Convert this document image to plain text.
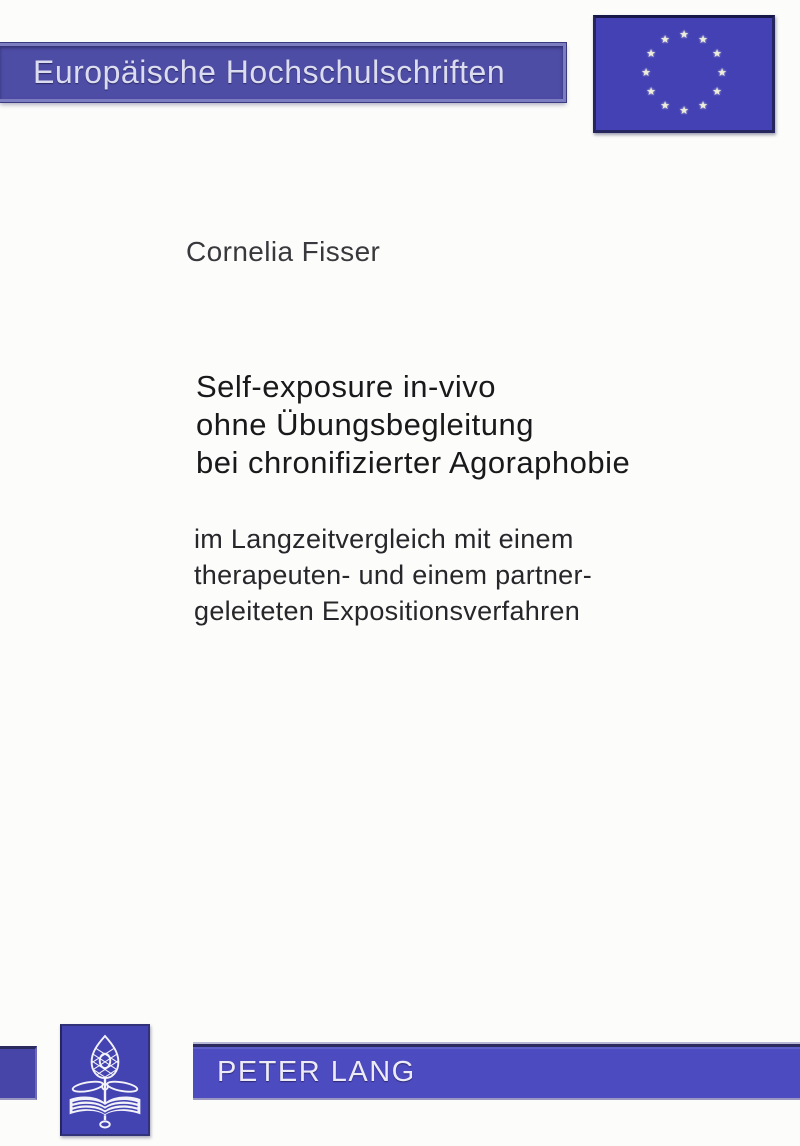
Europäische Hochschulschriften
★ ★
★
★
★
★
★
★
★
★
★
★
Cornelia Fisser
Self-exposure in-vivo
ohne Übungsbegleitung
bei chronifizierter Agoraphobie
im Langzeitvergleich mit einem
therapeuten- und einem partner-
geleiteten Expositionsverfahren
PETER LANG
